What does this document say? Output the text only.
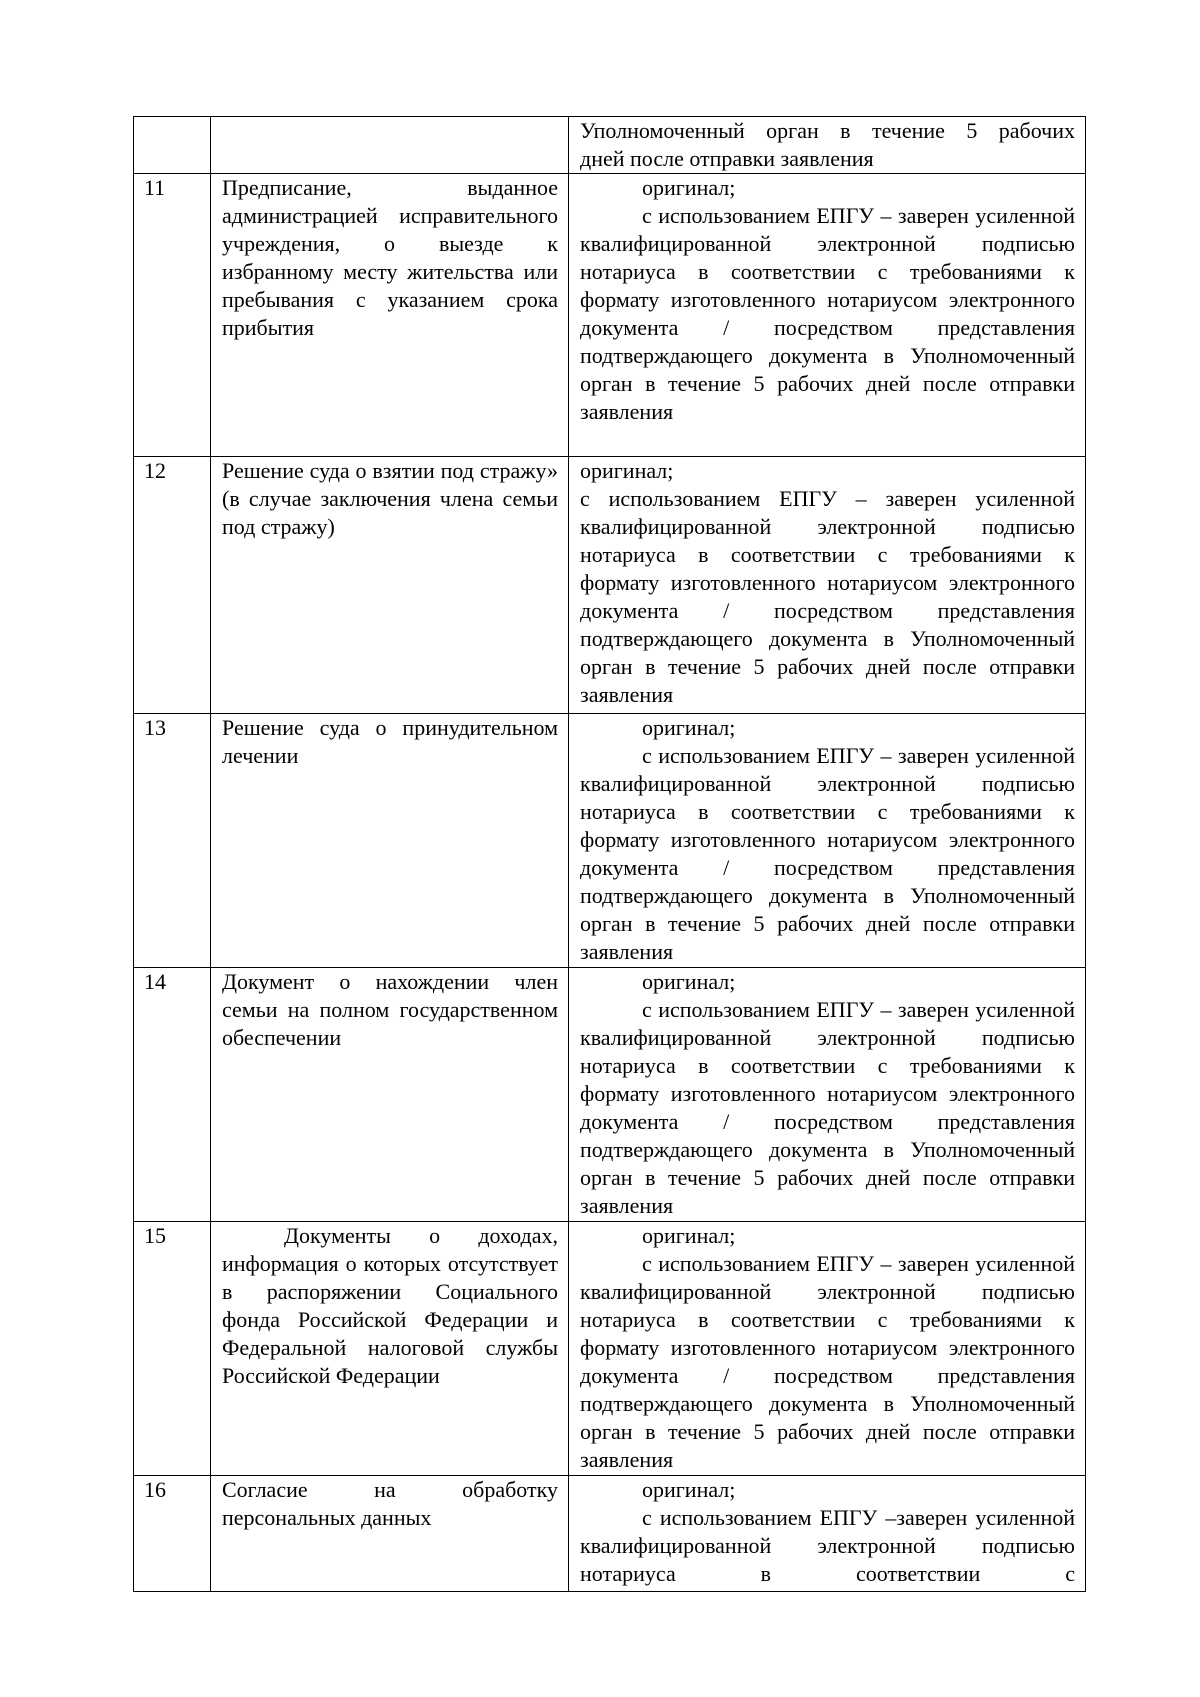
		Уполномоченный орган в течение 5 рабочих
дней после отправки заявления

11	Предписание, выданное администрацией исправительного учреждения, о выезде к избранному месту жительства или пребывания с указанием срока прибытия	оригинал;
с использованием ЕПГУ – заверен усиленной квалифицированной электронной подписью нотариуса в соответствии с требованиями к формату изготовленного нотариусом электронного документа / посредством представления подтверждающего документа в Уполномоченный орган в течение 5 рабочих дней после отправки заявления

12	Решение суда о взятии под стражу» (в случае заключения члена семьи под стражу)	оригинал;
с использованием ЕПГУ – заверен усиленной квалифицированной электронной подписью нотариуса в соответствии с требованиями к формату изготовленного нотариусом электронного документа / посредством представления подтверждающего документа в Уполномоченный орган в течение 5 рабочих дней после отправки заявления

13	Решение суда о принудительном лечении	оригинал;
с использованием ЕПГУ – заверен усиленной квалифицированной электронной подписью нотариуса в соответствии с требованиями к формату изготовленного нотариусом электронного документа / посредством представления подтверждающего документа в Уполномоченный орган в течение 5 рабочих дней после отправки заявления

14	Документ о нахождении член семьи на полном государственном обеспечении	оригинал;
с использованием ЕПГУ – заверен усиленной квалифицированной электронной подписью нотариуса в соответствии с требованиями к формату изготовленного нотариусом электронного документа / посредством представления подтверждающего документа в Уполномоченный орган в течение 5 рабочих дней после отправки заявления

15	Документы о доходах, информация о которых отсутствует в распоряжении Социального фонда Российской Федерации и Федеральной налоговой службы Российской Федерации	оригинал;
с использованием ЕПГУ – заверен усиленной квалифицированной электронной подписью нотариуса в соответствии с требованиями к формату изготовленного нотариусом электронного документа / посредством представления подтверждающего документа в Уполномоченный орган в течение 5 рабочих дней после отправки заявления

16	Согласие на обработку персональных данных	оригинал;
с использованием ЕПГУ –заверен усиленной квалифицированной электронной подписью нотариуса в соответствии с
